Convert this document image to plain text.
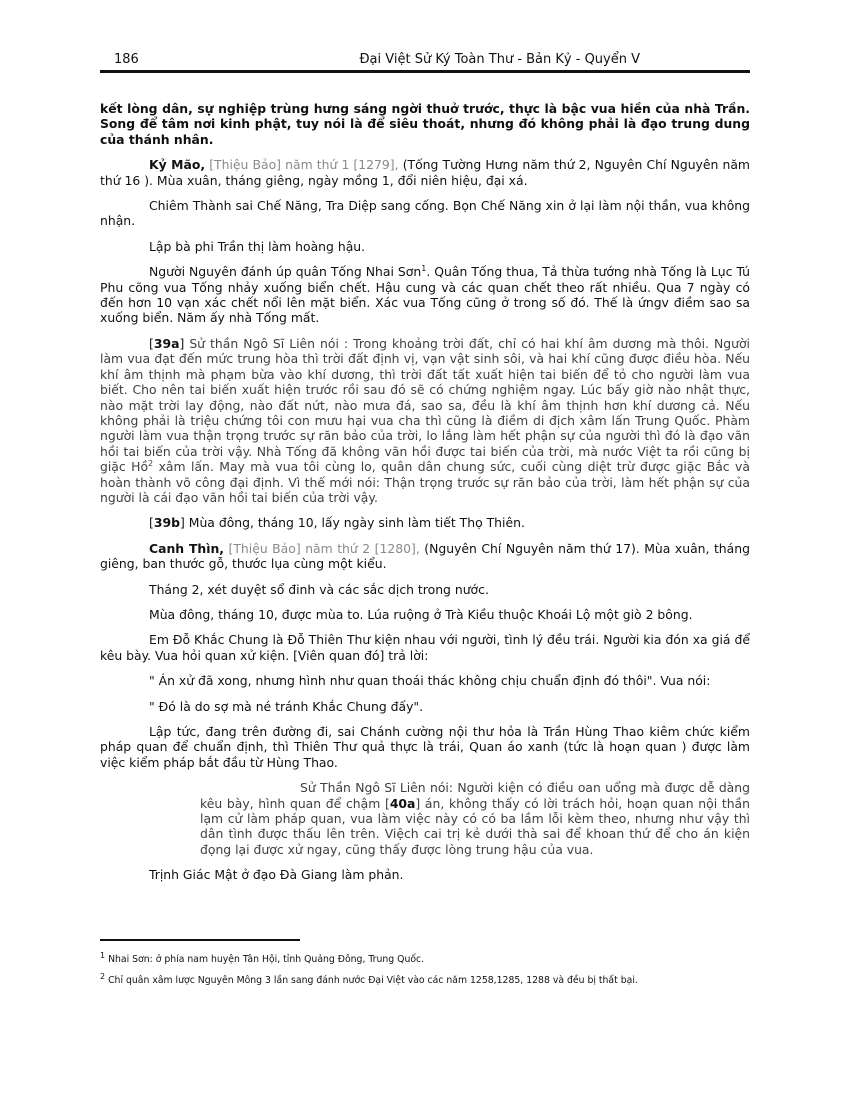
186	Đại Việt Sử Ký Toàn Thư - Bản Kỷ - Quyển V

kết lòng dân, sự nghiệp trùng hưng sáng ngời thuở trước, thực là bậc vua hiền của nhà Trần. Song để tâm nơi kinh phật, tuy nói là để siêu thoát, nhưng đó không phải là đạo trung dung của thánh nhân.

Kỷ Mão, [Thiệu Bảo] năm thứ 1 [1279], (Tống Tường Hưng năm thứ 2, Nguyên Chí Nguyên năm thứ 16 ). Mùa xuân, tháng giêng, ngày mồng 1, đổi niên hiệu, đại xá.

Chiêm Thành sai Chế Năng, Tra Diệp sang cống. Bọn Chế Năng xin ở lại làm nội thần, vua không nhận.

Lập bà phi Trần thị làm hoàng hậu.

Người Nguyên đánh úp quân Tống Nhai Sơn$^1$. Quân Tống thua, Tả thừa tướng nhà Tống là Lục Tú Phu cõng vua Tống nhảy xuống biển chết. Hậu cung và các quan chết theo rất nhiều. Qua 7 ngày có đến hơn 10 vạn xác chết nổi lên mặt biển. Xác vua Tống cũng ở trong số đó. Thế là ứngv điềm sao sa xuống biển. Năm ấy nhà Tống mất.

[39a] Sử thần Ngô Sĩ Liên nói : Trong khoảng trời đất, chỉ có hai khí âm dương mà thôi. Người làm vua đạt đến mức trung hòa thì trời đất định vị, vạn vật sinh sôi, và hai khí cũng được điều hòa. Nếu khí âm thịnh mà phạm bừa vào khí dương, thì trời đất tất xuất hiện tai biến để tỏ cho người làm vua biết. Cho nên tai biến xuất hiện trước rồi sau đó sẽ có chứng nghiệm ngay. Lúc bấy giờ nào nhật thực, nào mặt trời lay động, nào đất nứt, nào mưa đá, sao sa, đều là khí âm thịnh hơn khí dương cả. Nếu không phải là triệu chứng tôi con mưu hại vua cha thì cũng là điềm di địch xâm lấn Trung Quốc. Phàm người làm vua thận trọng trước sự răn bảo của trời, lo lắng làm hết phận sự của người thì đó là đạo vãn hồi tai biến của trời vậy. Nhà Tống đã không vãn hồi được tai biến của trời, mà nước Việt ta rồi cũng bị giặc Hồ$^2$ xâm lấn. May mà vua tôi cùng lo, quân dân chung sức, cuối cùng diệt trừ được giặc Bắc và hoàn thành võ công đại định. Vì thế mới nói: Thận trọng trước sự răn bảo của trời, làm hết phận sự của người là cái đạo vãn hồi tai biến của trời vậy.

[39b] Mùa đông, tháng 10, lấy ngày sinh làm tiết Thọ Thiên.

Canh Thìn, [Thiệu Bảo] năm thứ 2 [1280], (Nguyên Chí Nguyên năm thứ 17). Mùa xuân, tháng giêng, ban thước gỗ, thước lụa cùng một kiểu.

Tháng 2, xét duyệt sổ đinh và các sắc dịch trong nước.

Mùa đông, tháng 10, được mùa to. Lúa ruộng ở Trà Kiều thuộc Khoái Lộ một giò 2 bông.

Em Đỗ Khắc Chung là Đỗ Thiên Thư kiện nhau với người, tình lý đều trái. Người kia đón xa giá để kêu bày. Vua hỏi quan xử kiện. [Viên quan đó] trả lời:

" Án xử đã xong, nhưng hình như quan thoái thác không chịu chuẩn định đó thôi". Vua nói:

" Đó là do sợ mà né tránh Khắc Chung đấy".

Lập tức, đang trên đường đi, sai Chánh cường nội thư hỏa là Trần Hùng Thao kiêm chức kiểm pháp quan để chuẩn định, thì Thiên Thư quả thực là trái, Quan áo xanh (tức là hoạn quan ) được làm việc kiểm pháp bắt đầu từ Hùng Thao.

Sử Thần Ngô Sĩ Liên nói: Người kiện có điều oan uổng mà được dễ dàng kêu bày, hình quan để chậm [40a] án, không thấy có lời trách hỏi, hoạn quan nội thần lạm cử làm pháp quan, vua làm việc này có có ba lầm lỗi kèm theo, nhưng như vậy thì dân tình được thấu lên trên. Việch cai trị kẻ dưới thà sai để khoan thứ để cho án kiện đọng lại được xử ngay, cũng thấy được lòng trung hậu của vua.

Trịnh Giác Mật ở đạo Đà Giang làm phản.

$^1$ Nhai Sơn: ở phía nam huyện Tân Hội, tỉnh Quảng Đông, Trung Quốc.
$^2$ Chỉ quân xâm lược Nguyên Mông 3 lần sang đánh nước Đại Việt vào các năm 1258,1285, 1288 và đều bị thất bại.
